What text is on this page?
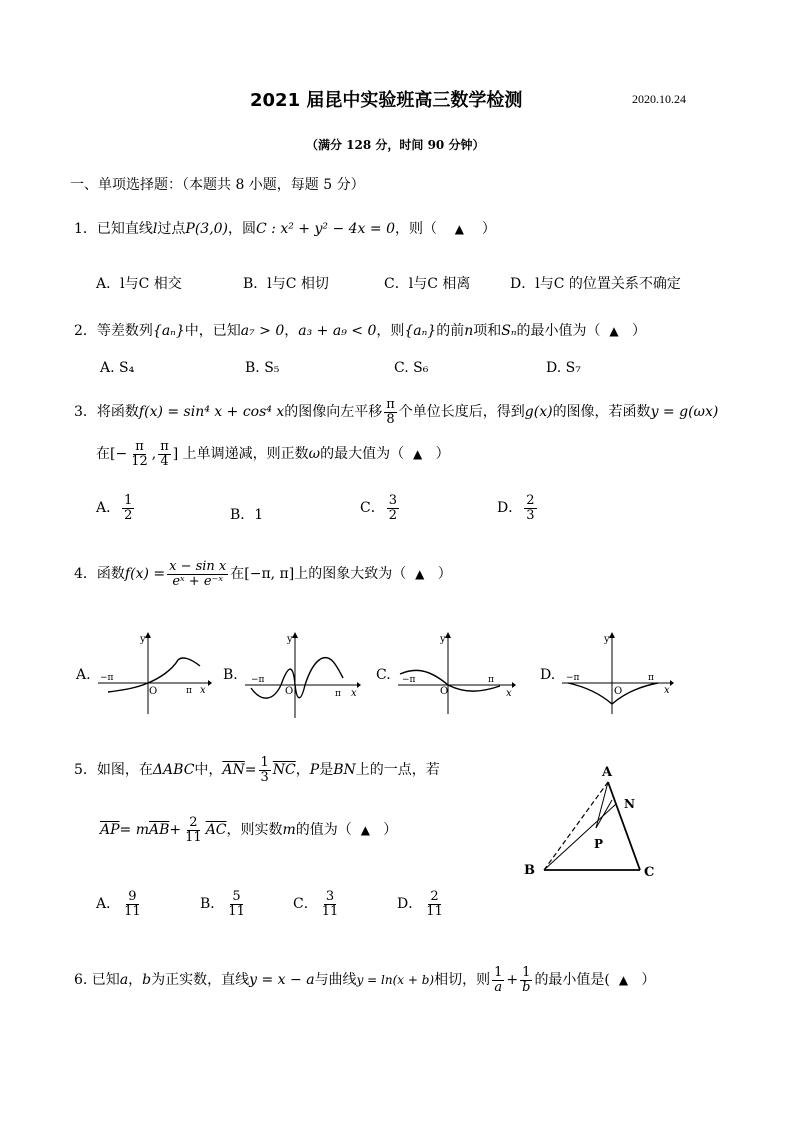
2021 届昆中实验班高三数学检测	2020.10.24
（满分 128 分，时间 90 分钟）
一、单项选择题：（本题共 8 小题，每题 5 分）
1．已知直线l过点P(3,0)，圆C : x² + y² − 4x = 0，则（ ▲ ）
A．l与C 相交	B．l与C 相切	C．l与C 相离	D．l与C 的位置关系不确定
2．等差数列{aₙ}中，已知a₇ > 0，a₃ + a₉ < 0，则{aₙ}的前n项和Sₙ的最小值为（ ▲ ）
A. S₄	B. S₅	C. S₆	D. S₇
3．将函数f(x) = sin⁴ x + cos⁴ x的图像向左平移 $\frac{\pi}{8}$ 个单位长度后，得到g(x)的图像，若函数y = g(ωx)
在[− $\frac{\pi}{12}$ , $\frac{\pi}{4}$ ] 上单调递减，则正数ω的最大值为（ ▲ ）
A． $\frac{1}{2}$	B．1	C． $\frac{3}{2}$	D． $\frac{2}{3}$
4．函数$f(x) = \frac{\text{x − sin x}}{\text{eˣ + e⁻ˣ}}$ 在[−π, π]上的图象大致为（ ▲ ）
A.
y
x
−π
O	π
B.
y
x
−π
O	π
C.
y
x
−π
O
π	D.
y
x
−π
O
π
5．如图，在ΔABC中，$\overline{AN}= \frac{1}{3} \overline{NC}$，P是BN上的一点，若
$\overline{AP}= m\overline{AB}+ \frac{2}{11} \overline{AC}$，则实数m的值为（ ▲ ）
A
N
P
B	C
A． $\frac{9}{11}$	B． $\frac{5}{11}$	C． $\frac{3}{11}$	D． $\frac{2}{11}$
6. 已知a，b为正实数，直线y = x − a与曲线y = ln(x + b)相切，则 $\frac{1}{a} + \frac{1}{b}$ 的最小值是( ▲ ）
